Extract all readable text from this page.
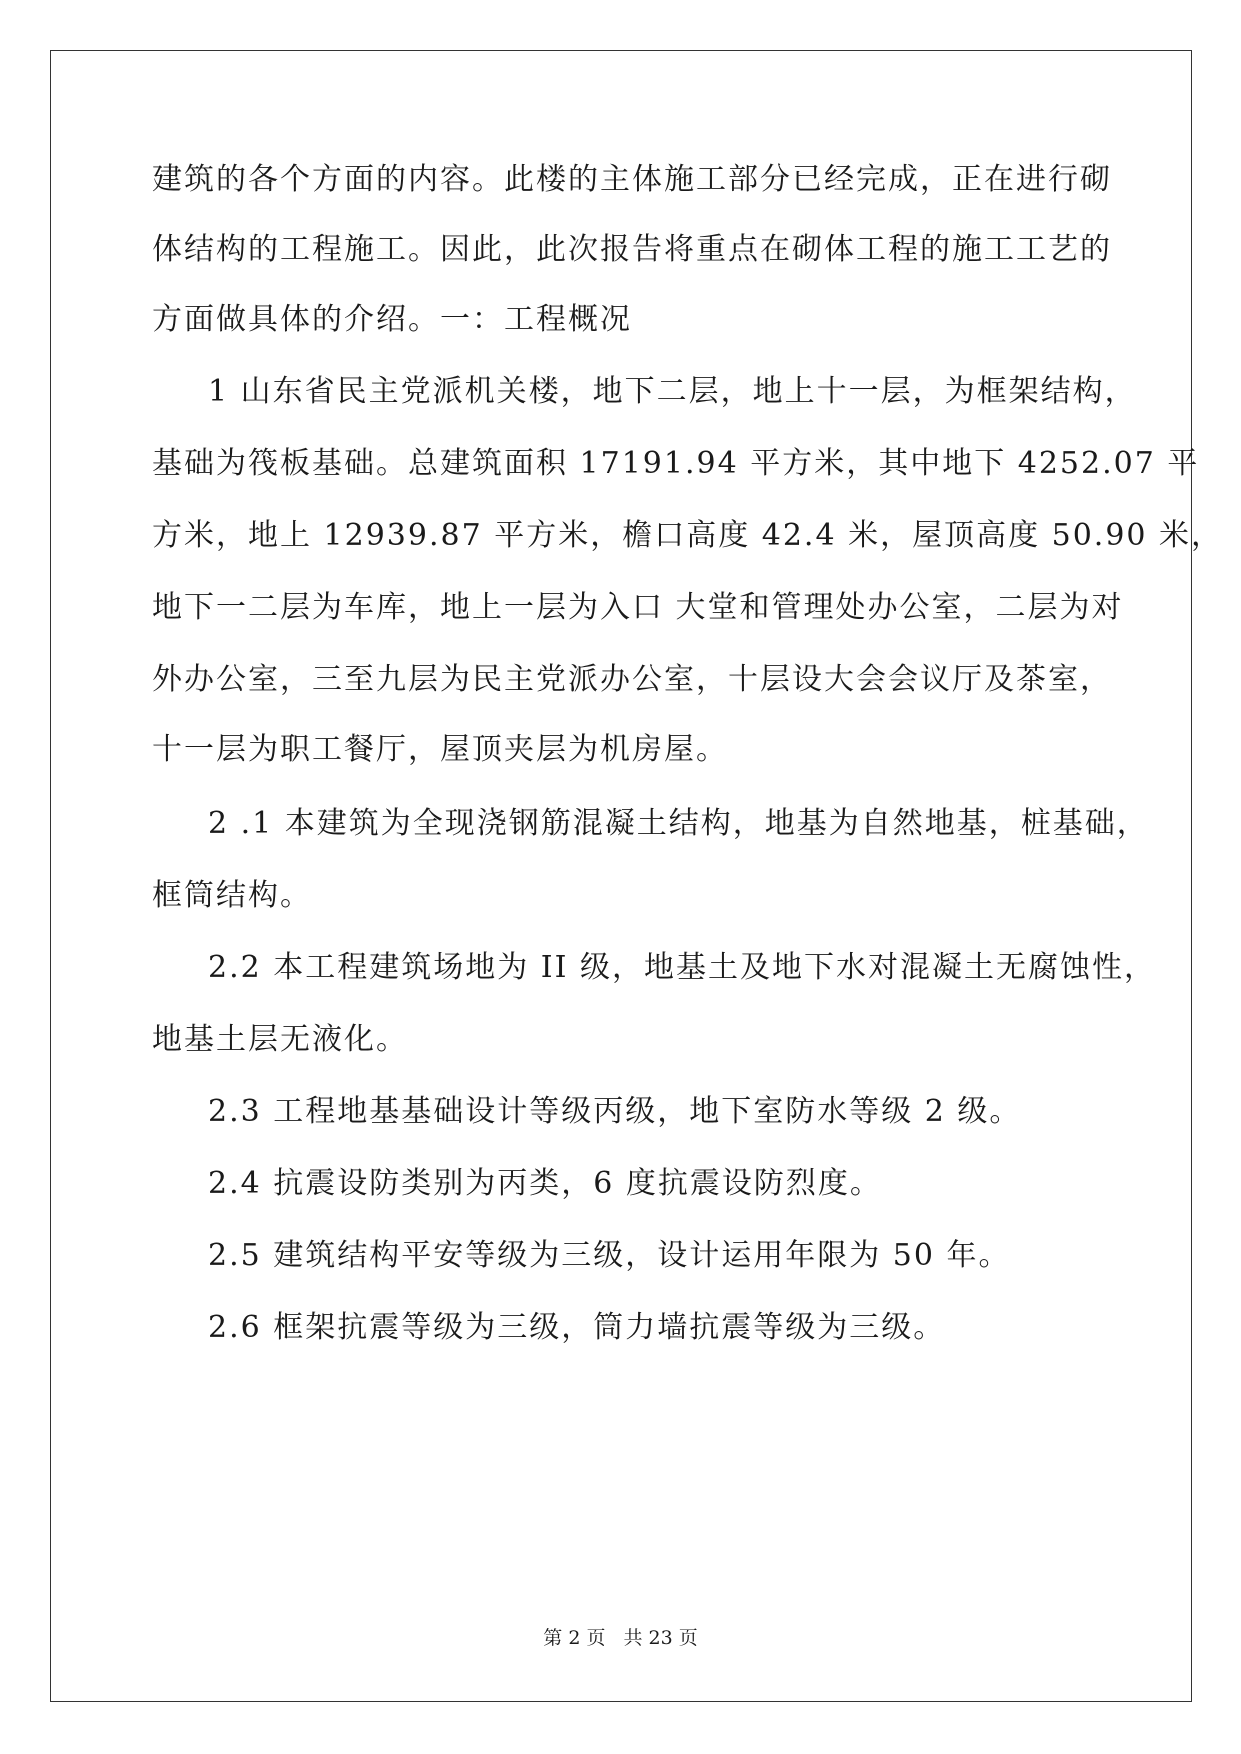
建筑的各个方面的内容。此楼的主体施工部分已经完成，正在进行砌
体结构的工程施工。因此，此次报告将重点在砌体工程的施工工艺的
方面做具体的介绍。一：工程概况
1 山东省民主党派机关楼，地下二层，地上十一层，为框架结构，
基础为筏板基础。总建筑面积 17191.94 平方米，其中地下 4252.07 平
方米，地上 12939.87 平方米，檐口高度 42.4 米，屋顶高度 50.90 米，
地下一二层为车库，地上一层为入口 大堂和管理处办公室，二层为对
外办公室，三至九层为民主党派办公室，十层设大会会议厅及茶室，
十一层为职工餐厅，屋顶夹层为机房屋。
2 .1 本建筑为全现浇钢筋混凝土结构，地基为自然地基，桩基础，
框筒结构。
2.2 本工程建筑场地为 II 级，地基土及地下水对混凝土无腐蚀性，
地基土层无液化。
2.3 工程地基基础设计等级丙级，地下室防水等级 2 级。
2.4 抗震设防类别为丙类，6 度抗震设防烈度。
2.5 建筑结构平安等级为三级，设计运用年限为 50 年。
2.6 框架抗震等级为三级，筒力墙抗震等级为三级。
第 2 页 共 23 页
